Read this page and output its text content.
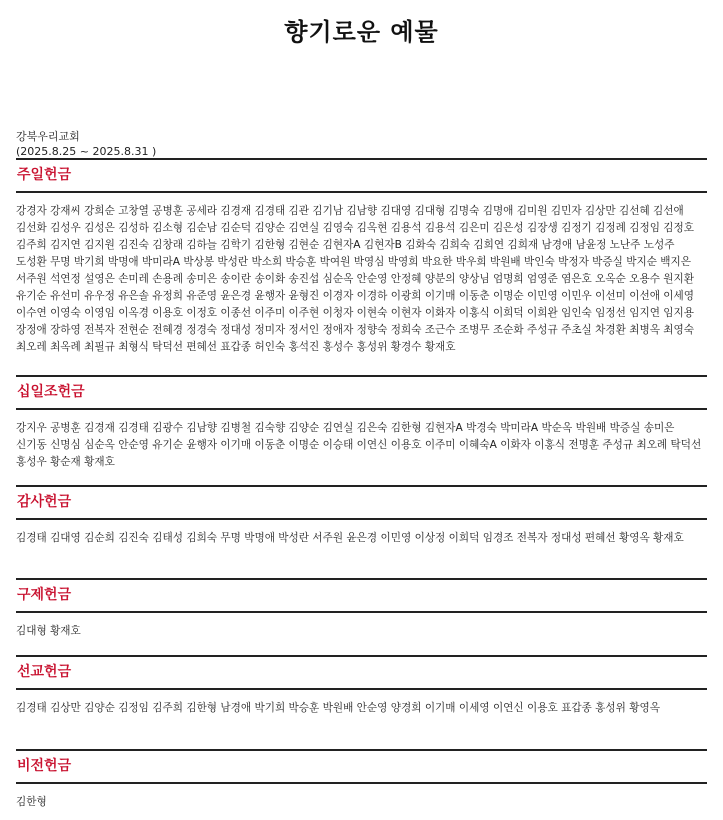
향기로운 예물
강북우리교회
(2025.8.25 ~ 2025.8.31 )
주일헌금
강경자 강재씨 강희순 고창열 공병훈 공세라 김경재 김경태 김관 김기남 김남향 김대영 김대형 김명숙 김명애 김미원 김민자 김상만 김선혜 김선애 김선화 김성우 김성은 김성하 김소형 김순남 김순덕 김양순 김연실 김영숙 김옥현 김용석 김용석 김은미 김은성 김장생 김정기 김정례 김정임 김정호 김주희 김지연 김지원 김진숙 김창래 김하늘 김학기 김한형 김현순 김현자A 김현자B 김화숙 김희숙 김희연 김희재 남경애 남윤정 노난주 노성주 도성환 무명 박기희 박명애 박미라A 박상봉 박성란 박소희 박승훈 박여원 박영심 박영희 박요한 박우희 박원배 박인숙 박정자 박증실 박지순 백지은 서주원 석연정 설영은 손미레 손용례 송미은 송이란 송이화 송진섭 심순옥 안순영 안정혜 양분의 양상님 엄명희 엄영준 염은호 오옥순 오용수 원지환 유기순 유선미 유우정 유은솔 유정희 유준영 윤은경 윤행자 윤형진 이경자 이경하 이광희 이기매 이동춘 이명순 이민영 이민우 이선미 이선애 이세영 이수연 이영숙 이영임 이옥경 이용호 이정호 이종선 이주미 이주현 이청자 이현숙 이현자 이화자 이홍식 이희덕 이희완 임인숙 임정선 임지연 임지용 장정애 장하영 전복자 전현순 전혜경 정경숙 정대성 정미자 정서인 정애자 정향숙 정희숙 조근수 조병무 조순화 주성규 주초실 차경환 최병옥 최영숙 최오레 최옥례 최필규 최형식 탁덕선 편혜선 표갑종 허인숙 홍석진 홍성수 홍성위 황경수 황재호
십일조헌금
강지우 공병훈 김경재 김경태 김광수 김남향 김병철 김숙향 김양순 김연실 김은숙 김한형 김현자A 박경숙 박미라A 박순옥 박원배 박증실 송미은 신기동 신명심 심순옥 안순영 유기순 윤행자 이기매 이동춘 이명순 이승태 이연신 이용호 이주미 이혜숙A 이화자 이홍식 전명훈 주성규 최오례 탁덕선 홍성우 황순재 황재호
감사헌금
김경태 김대영 김순희 김진숙 김태성 김희숙 무명 박명애 박성란 서주원 윤은경 이민영 이상정 이희덕 임경조 전복자 정대성 편혜선 황영옥 황재호
구제헌금
김대형 황재호
선교헌금
김경태 김상만 김양순 김정임 김주희 김한형 남경애 박기희 박승훈 박원배 안순영 양경희 이기매 이세영 이연신 이용호 표갑종 홍성위 황영옥
비전헌금
김한형
